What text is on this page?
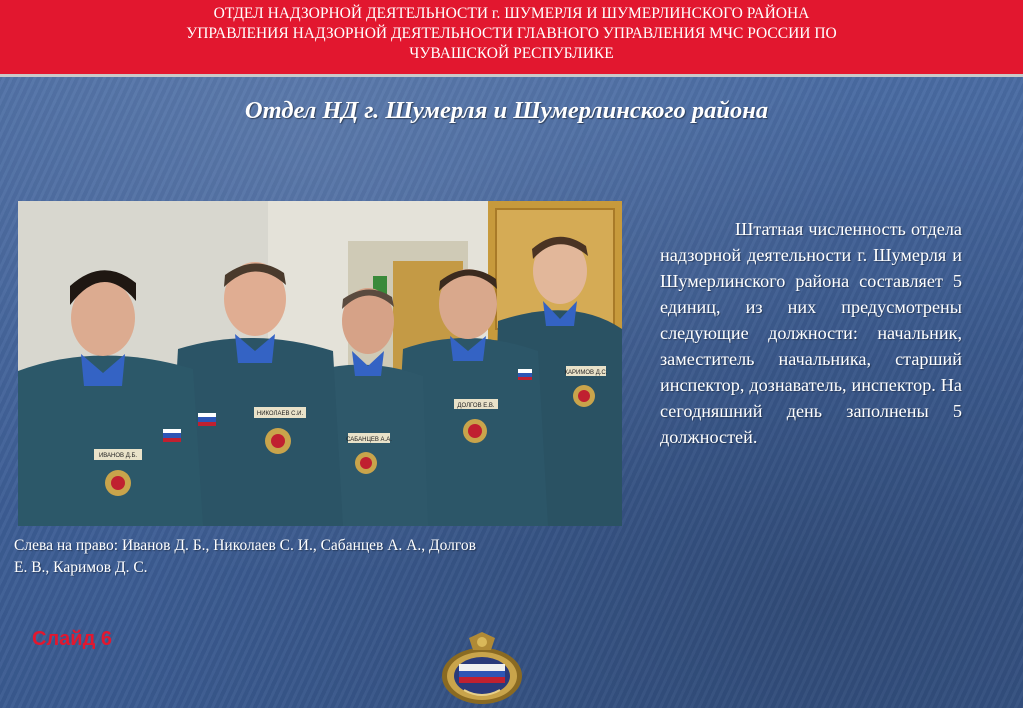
ОТДЕЛ НАДЗОРНОЙ ДЕЯТЕЛЬНОСТИ г. ШУМЕРЛЯ И ШУМЕРЛИНСКОГО РАЙОНА
УПРАВЛЕНИЯ НАДЗОРНОЙ ДЕЯТЕЛЬНОСТИ ГЛАВНОГО УПРАВЛЕНИЯ МЧС РОССИИ ПО
ЧУВАШСКОЙ РЕСПУБЛИКЕ
Отдел НД г. Шумерля и Шумерлинского района
КАРИМОВ Д.С.
ДОЛГОВ Е.В.
САБАНЦЕВ А.А.
НИКОЛАЕВ С.И.
ИВАНОВ Д.Б.
Штатная численность отдела надзорной деятельности г. Шумерля и Шумерлинского района составляет 5 единиц, из них предусмотрены следующие должности: начальник, заместитель начальника, старший инспектор, дознаватель, инспектор. На сегодняшний день заполнены 5 должностей.
Слева на право: Иванов Д. Б., Николаев С. И., Сабанцев А. А., Долгов Е. В., Каримов Д. С.
Слайд 6
